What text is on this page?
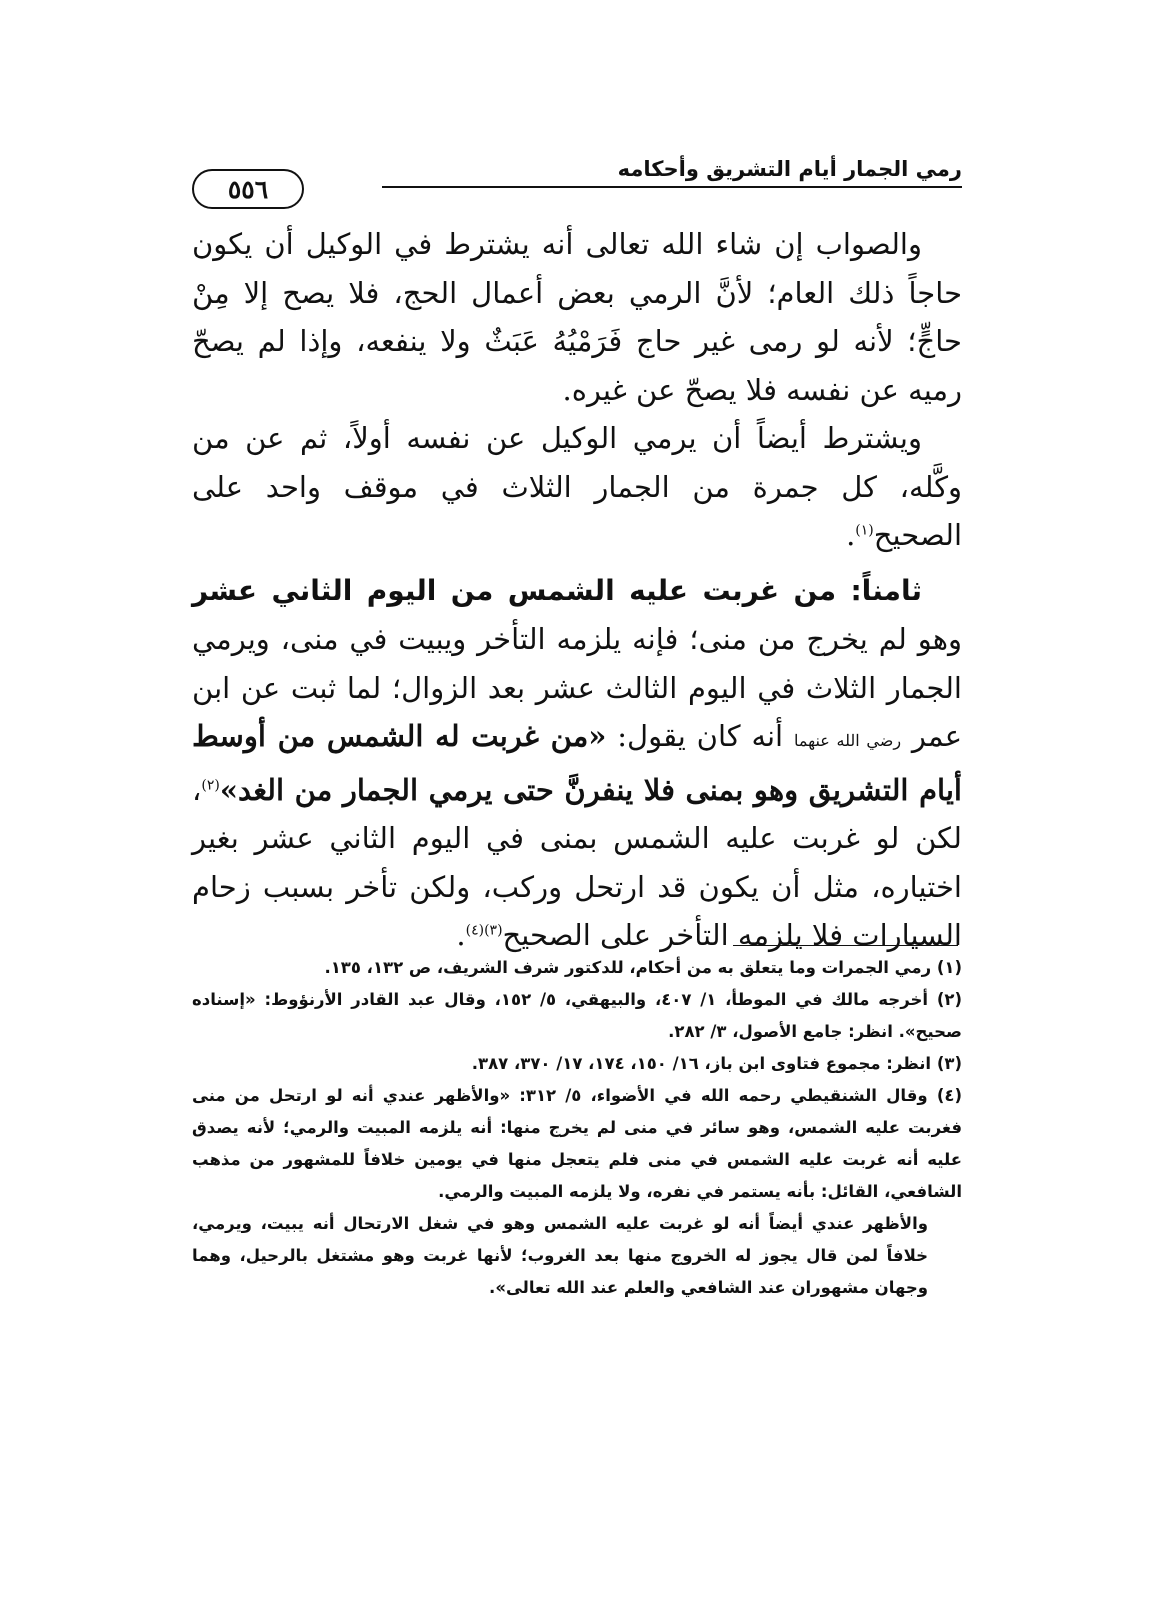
رمي الجمار أيام التشريق وأحكامه
٥٥٦

والصواب إن شاء الله تعالى أنه يشترط في الوكيل أن يكون حاجاً ذلك العام؛ لأنَّ الرمي بعض أعمال الحج، فلا يصح إلا مِنْ حاجٍّ؛ لأنه لو رمى غير حاج فَرَمْيُهُ عَبَثٌ ولا ينفعه، وإذا لم يصحّ رميه عن نفسه فلا يصحّ عن غيره.

ويشترط أيضاً أن يرمي الوكيل عن نفسه أولاً، ثم عن من وكَّله، كل جمرة من الجمار الثلاث في موقف واحد على الصحيح$^{(١)}$.

ثامناً: من غربت عليه الشمس من اليوم الثاني عشر وهو لم يخرج من منى؛ فإنه يلزمه التأخر ويبيت في منى، ويرمي الجمار الثلاث في اليوم الثالث عشر بعد الزوال؛ لما ثبت عن ابن عمر رضي الله عنهما أنه كان يقول: «من غربت له الشمس من أوسط أيام التشريق وهو بمنى فلا ينفرنَّ حتى يرمي الجمار من الغد»$^{(٢)}$، لكن لو غربت عليه الشمس بمنى في اليوم الثاني عشر بغير اختياره، مثل أن يكون قد ارتحل وركب، ولكن تأخر بسبب زحام السيارات فلا يلزمه التأخر على الصحيح$^{(٣)(٤)}$.

(١) رمي الجمرات وما يتعلق به من أحكام، للدكتور شرف الشريف، ص ١٣٢، ١٣٥.

(٢) أخرجه مالك في الموطأ، ١/ ٤٠٧، والبيهقي، ٥/ ١٥٢، وقال عبد القادر الأرنؤوط: «إسناده صحيح». انظر: جامع الأصول، ٣/ ٢٨٢.

(٣) انظر: مجموع فتاوى ابن باز، ١٦/ ١٥٠، ١٧٤، ١٧/ ٣٧٠، ٣٨٧.

(٤) وقال الشنقيطي رحمه الله في الأضواء، ٥/ ٣١٢: «والأظهر عندي أنه لو ارتحل من منى فغربت عليه الشمس، وهو سائر في منى لم يخرج منها: أنه يلزمه المبيت والرمي؛ لأنه يصدق عليه أنه غربت عليه الشمس في منى فلم يتعجل منها في يومين خلافاً للمشهور من مذهب الشافعي، القائل: بأنه يستمر في نفره، ولا يلزمه المبيت والرمي.

والأظهر عندي أيضاً أنه لو غربت عليه الشمس وهو في شغل الارتحال أنه يبيت، ويرمي، خلافاً لمن قال يجوز له الخروج منها بعد الغروب؛ لأنها غربت وهو مشتغل بالرحيل، وهما وجهان مشهوران عند الشافعي والعلم عند الله تعالى».
